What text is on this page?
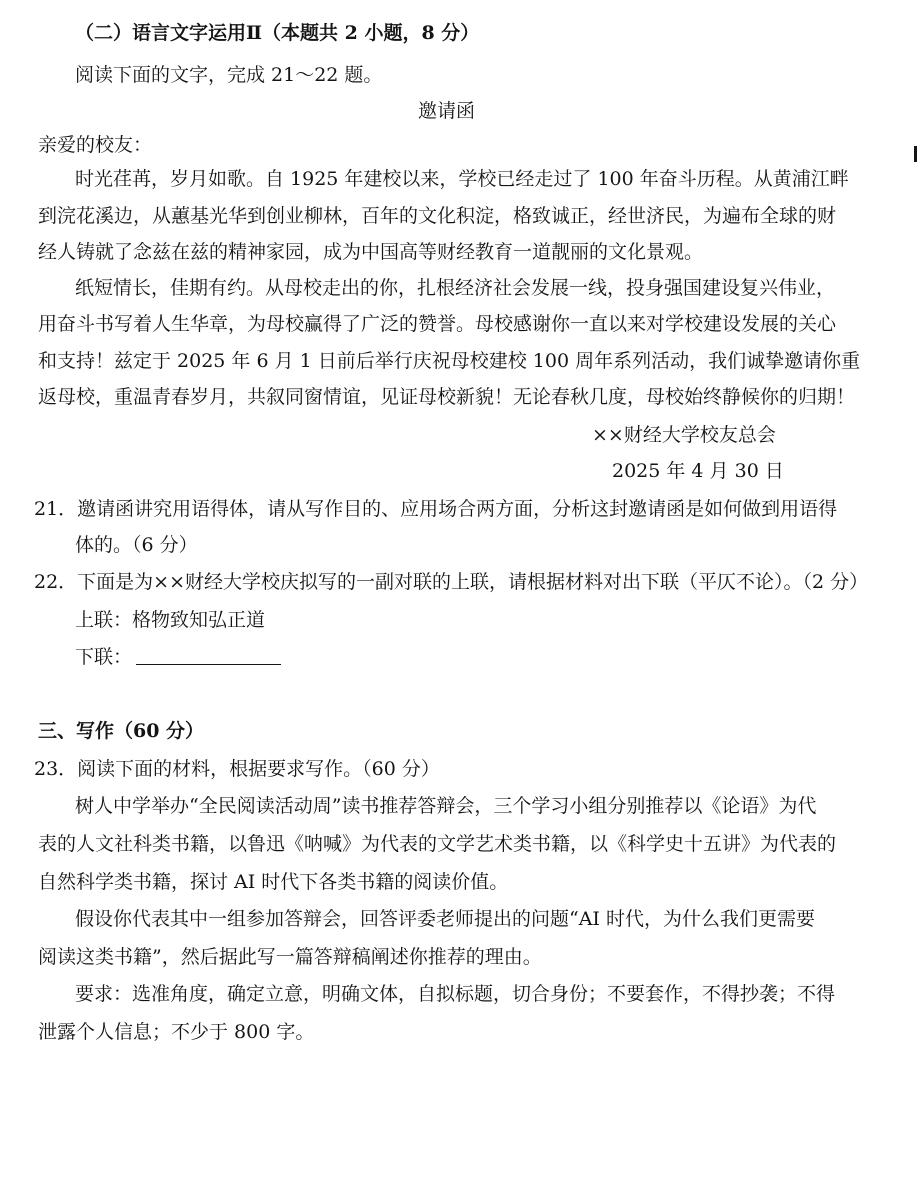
（二）语言文字运用Ⅱ（本题共 2 小题，8 分）
阅读下面的文字，完成 21～22 题。
邀请函
亲爱的校友：
时光荏苒，岁月如歌。自 1925 年建校以来，学校已经走过了 100 年奋斗历程。从黄浦江畔
到浣花溪边，从蕙基光华到创业柳林，百年的文化积淀，格致诚正，经世济民，为遍布全球的财
经人铸就了念兹在兹的精神家园，成为中国高等财经教育一道靓丽的文化景观。
纸短情长，佳期有约。从母校走出的你，扎根经济社会发展一线，投身强国建设复兴伟业，
用奋斗书写着人生华章，为母校赢得了广泛的赞誉。母校感谢你一直以来对学校建设发展的关心
和支持！兹定于 2025 年 6 月 1 日前后举行庆祝母校建校 100 周年系列活动，我们诚挚邀请你重
返母校，重温青春岁月，共叙同窗情谊，见证母校新貌！无论春秋几度，母校始终静候你的归期！
××财经大学校友总会
2025 年 4 月 30 日
21．邀请函讲究用语得体，请从写作目的、应用场合两方面，分析这封邀请函是如何做到用语得
体的。（6 分）
22．下面是为××财经大学校庆拟写的一副对联的上联，请根据材料对出下联（平仄不论）。（2 分）
上联：格物致知弘正道
下联：
三、写作（60 分）
23．阅读下面的材料，根据要求写作。（60 分）
树人中学举办“全民阅读活动周”读书推荐答辩会，三个学习小组分别推荐以《论语》为代
表的人文社科类书籍，以鲁迅《呐喊》为代表的文学艺术类书籍，以《科学史十五讲》为代表的
自然科学类书籍，探讨 AI 时代下各类书籍的阅读价值。
假设你代表其中一组参加答辩会，回答评委老师提出的问题“AI 时代，为什么我们更需要
阅读这类书籍”，然后据此写一篇答辩稿阐述你推荐的理由。
要求：选准角度，确定立意，明确文体，自拟标题，切合身份；不要套作，不得抄袭；不得
泄露个人信息；不少于 800 字。
